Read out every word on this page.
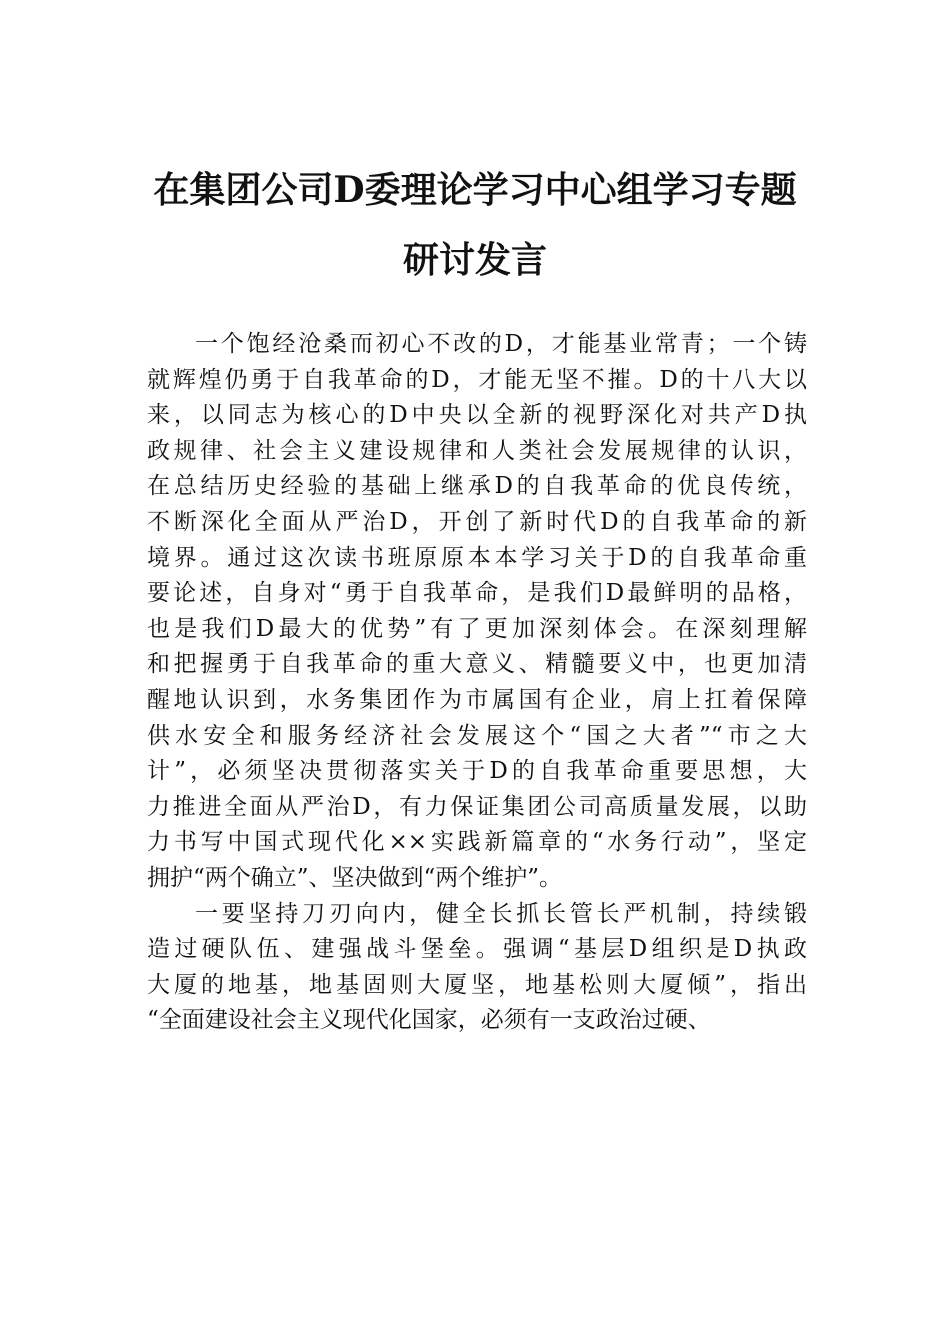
在集团公司D委理论学习中心组学习专题
研讨发言
一个饱经沧桑而初心不改的D，才能基业常青；一个铸
就辉煌仍勇于自我革命的D，才能无坚不摧。D的十八大以
来，以同志为核心的D中央以全新的视野深化对共产D执
政规律、社会主义建设规律和人类社会发展规律的认识，
在总结历史经验的基础上继承D的自我革命的优良传统，
不断深化全面从严治D，开创了新时代D的自我革命的新
境界。通过这次读书班原原本本学习关于D的自我革命重
要论述，自身对“勇于自我革命，是我们D最鲜明的品格，
也是我们D最大的优势”有了更加深刻体会。在深刻理解
和把握勇于自我革命的重大意义、精髓要义中，也更加清
醒地认识到，水务集团作为市属国有企业，肩上扛着保障
供水安全和服务经济社会发展这个“国之大者”“市之大
计”，必须坚决贯彻落实关于D的自我革命重要思想，大
力推进全面从严治D，有力保证集团公司高质量发展，以助
力书写中国式现代化××实践新篇章的“水务行动”，坚定
拥护“两个确立”、坚决做到“两个维护”。
一要坚持刀刃向内，健全长抓长管长严机制，持续锻
造过硬队伍、建强战斗堡垒。强调“基层D组织是D执政
大厦的地基，地基固则大厦坚，地基松则大厦倾”，指出
“全面建设社会主义现代化国家，必须有一支政治过硬、
